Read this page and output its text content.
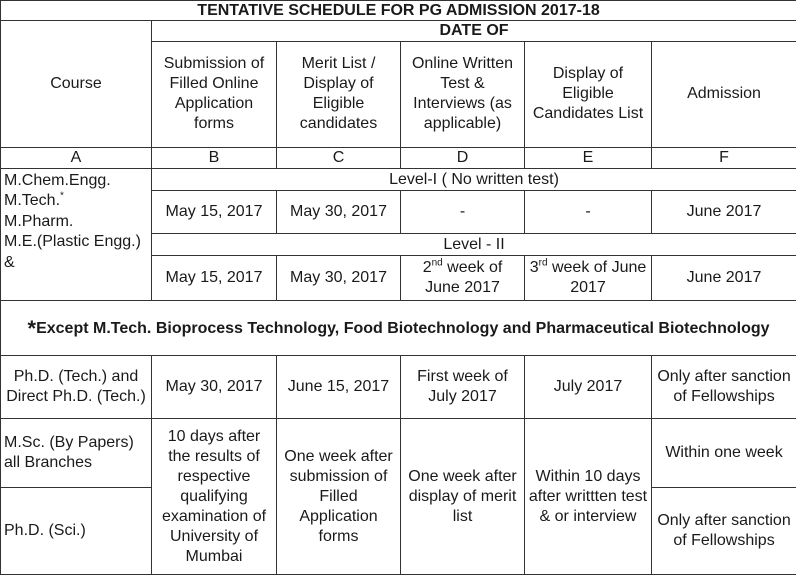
TENTATIVE SCHEDULE FOR PG ADMISSION 2017-18					
Course	DATE OF				
	Submission of Filled Online Application forms	Merit List / Display of Eligible candidates	Online Written Test & Interviews (as applicable)	Display of Eligible Candidates List	Admission
A	B	C	D	E	F

M.Chem.Engg.
M.Tech.*
M.Pharm.
M.E.(Plastic Engg.) &	Level-I ( No written test)				
	May 15, 2017	May 30, 2017	-	-	June 2017
	Level - II				
	May 15, 2017	May 30, 2017	2nd week of June 2017	3rd week of June 2017	June 2017
*Except M.Tech. Bioprocess Technology, Food Biotechnology and Pharmaceutical Biotechnology					
Ph.D. (Tech.) and Direct Ph.D. (Tech.)	May 30, 2017	June 15, 2017	First week of July 2017	July 2017	Only after sanction of Fellowships
M.Sc. (By Papers) all Branches	10 days after the results of respective qualifying examination of University of Mumbai	One week after submission of Filled Application forms	One week after display of merit list	Within 10 days after writtten test & or interview	Within one week
Ph.D. (Sci.)					Only after sanction of Fellowships
